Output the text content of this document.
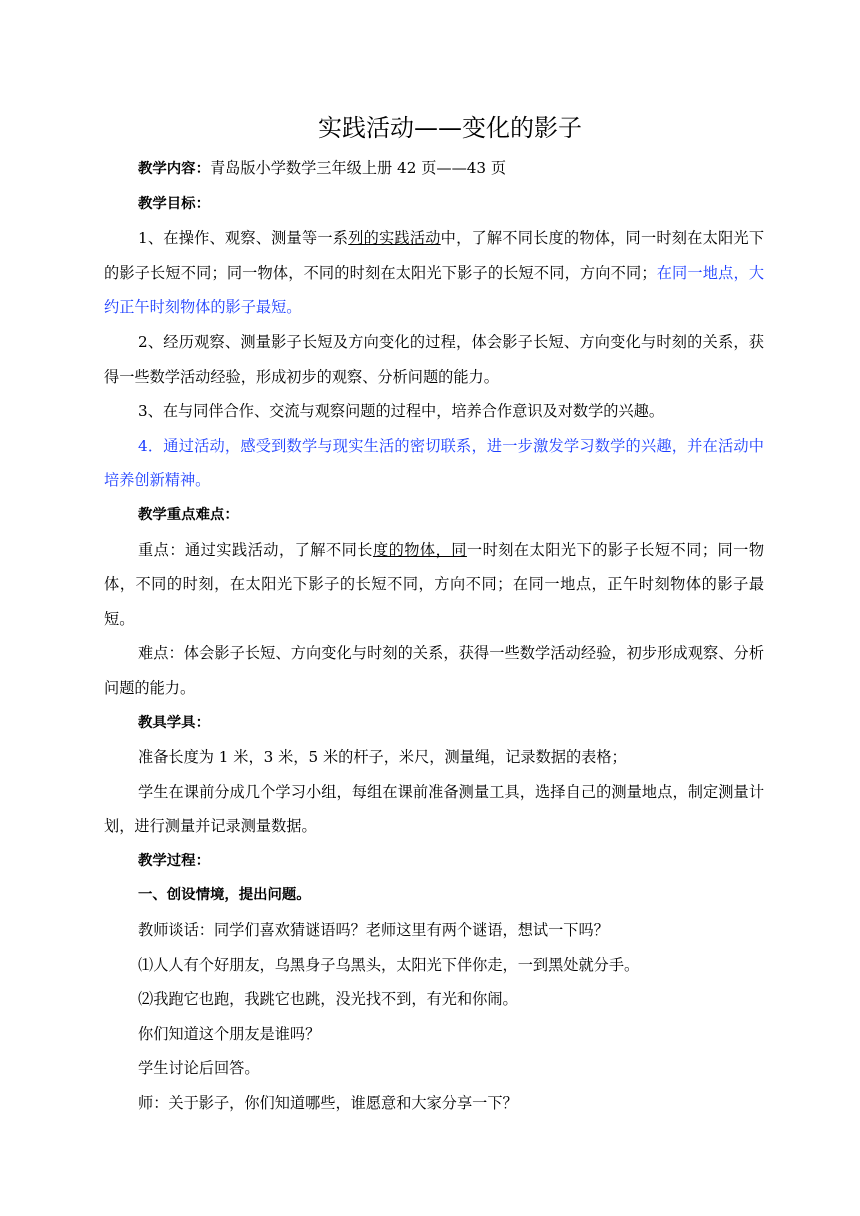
实践活动——变化的影子

教学内容：青岛版小学数学三年级上册 42 页——43 页

教学目标：

1、在操作、观察、测量等一系列的实践活动中，了解不同长度的物体，同一时刻在太阳光下的影子长短不同；同一物体，不同的时刻在太阳光下影子的长短不同，方向不同；在同一地点，大约正午时刻物体的影子最短。

2、经历观察、测量影子长短及方向变化的过程，体会影子长短、方向变化与时刻的关系，获得一些数学活动经验，形成初步的观察、分析问题的能力。

3、在与同伴合作、交流与观察问题的过程中，培养合作意识及对数学的兴趣。

4．通过活动，感受到数学与现实生活的密切联系，进一步激发学习数学的兴趣，并在活动中培养创新精神。

教学重点难点：

重点：通过实践活动，了解不同长度的物体，同一时刻在太阳光下的影子长短不同；同一物体，不同的时刻，在太阳光下影子的长短不同，方向不同；在同一地点，正午时刻物体的影子最短。

难点：体会影子长短、方向变化与时刻的关系，获得一些数学活动经验，初步形成观察、分析问题的能力。

教具学具：

准备长度为 1 米，3 米，5 米的杆子，米尺，测量绳，记录数据的表格；

学生在课前分成几个学习小组，每组在课前准备测量工具，选择自己的测量地点，制定测量计划，进行测量并记录测量数据。

教学过程：

一、创设情境，提出问题。

教师谈话：同学们喜欢猜谜语吗？老师这里有两个谜语，想试一下吗？

⑴人人有个好朋友，乌黑身子乌黑头，太阳光下伴你走，一到黑处就分手。

⑵我跑它也跑，我跳它也跳，没光找不到，有光和你闹。

你们知道这个朋友是谁吗？

学生讨论后回答。

师：关于影子，你们知道哪些，谁愿意和大家分享一下？
